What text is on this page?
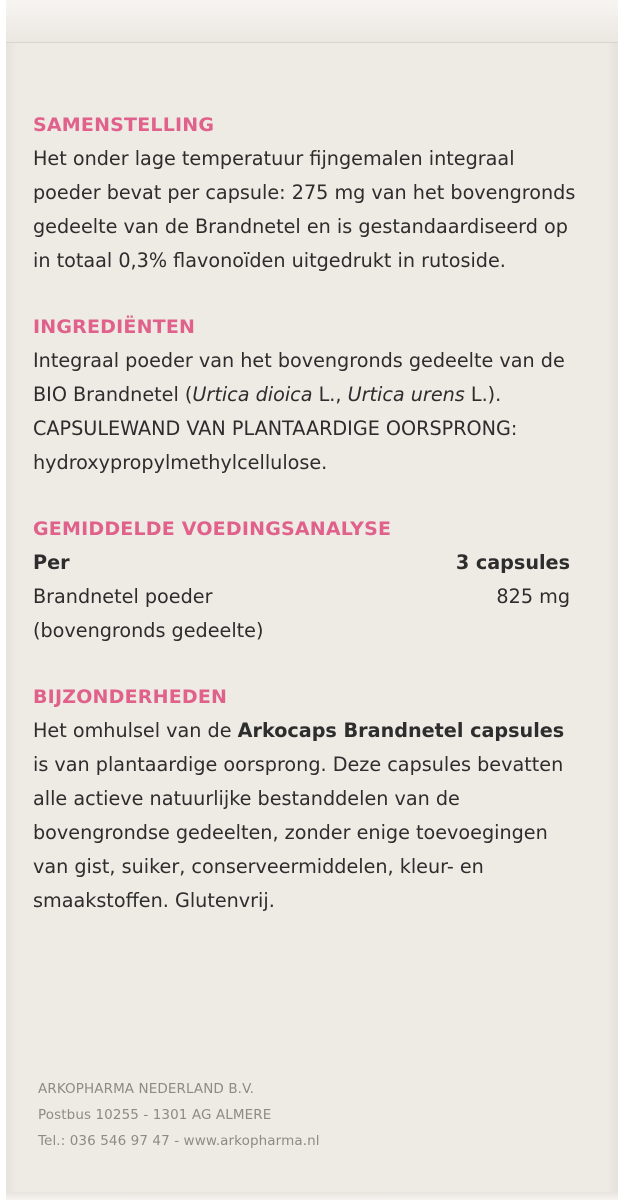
SAMENSTELLING
Het onder lage temperatuur fijngemalen integraal poeder bevat per capsule: 275 mg van het bovengronds gedeelte van de Brandnetel en is gestandaardiseerd op in totaal 0,3% flavonoïden uitgedrukt in rutoside.
INGREDIËNTEN
Integraal poeder van het bovengronds gedeelte van de BIO Brandnetel (Urtica dioica L., Urtica urens L.). CAPSULEWAND VAN PLANTAARDIGE OORSPRONG: hydroxypropylmethylcellulose.
GEMIDDELDE VOEDINGSANALYSE
Per	3 capsules
Brandnetel poeder	825 mg
(bovengronds gedeelte)
BIJZONDERHEDEN
Het omhulsel van de Arkocaps Brandnetel capsules is van plantaardige oorsprong. Deze capsules bevatten alle actieve natuurlijke bestanddelen van de bovengrondse gedeelten, zonder enige toevoegingen van gist, suiker, conserveermiddelen, kleur- en smaakstoffen. Glutenvrij.
ARKOPHARMA NEDERLAND B.V.
Postbus 10255 - 1301 AG ALMERE
Tel.: 036 546 97 47 - www.arkopharma.nl
